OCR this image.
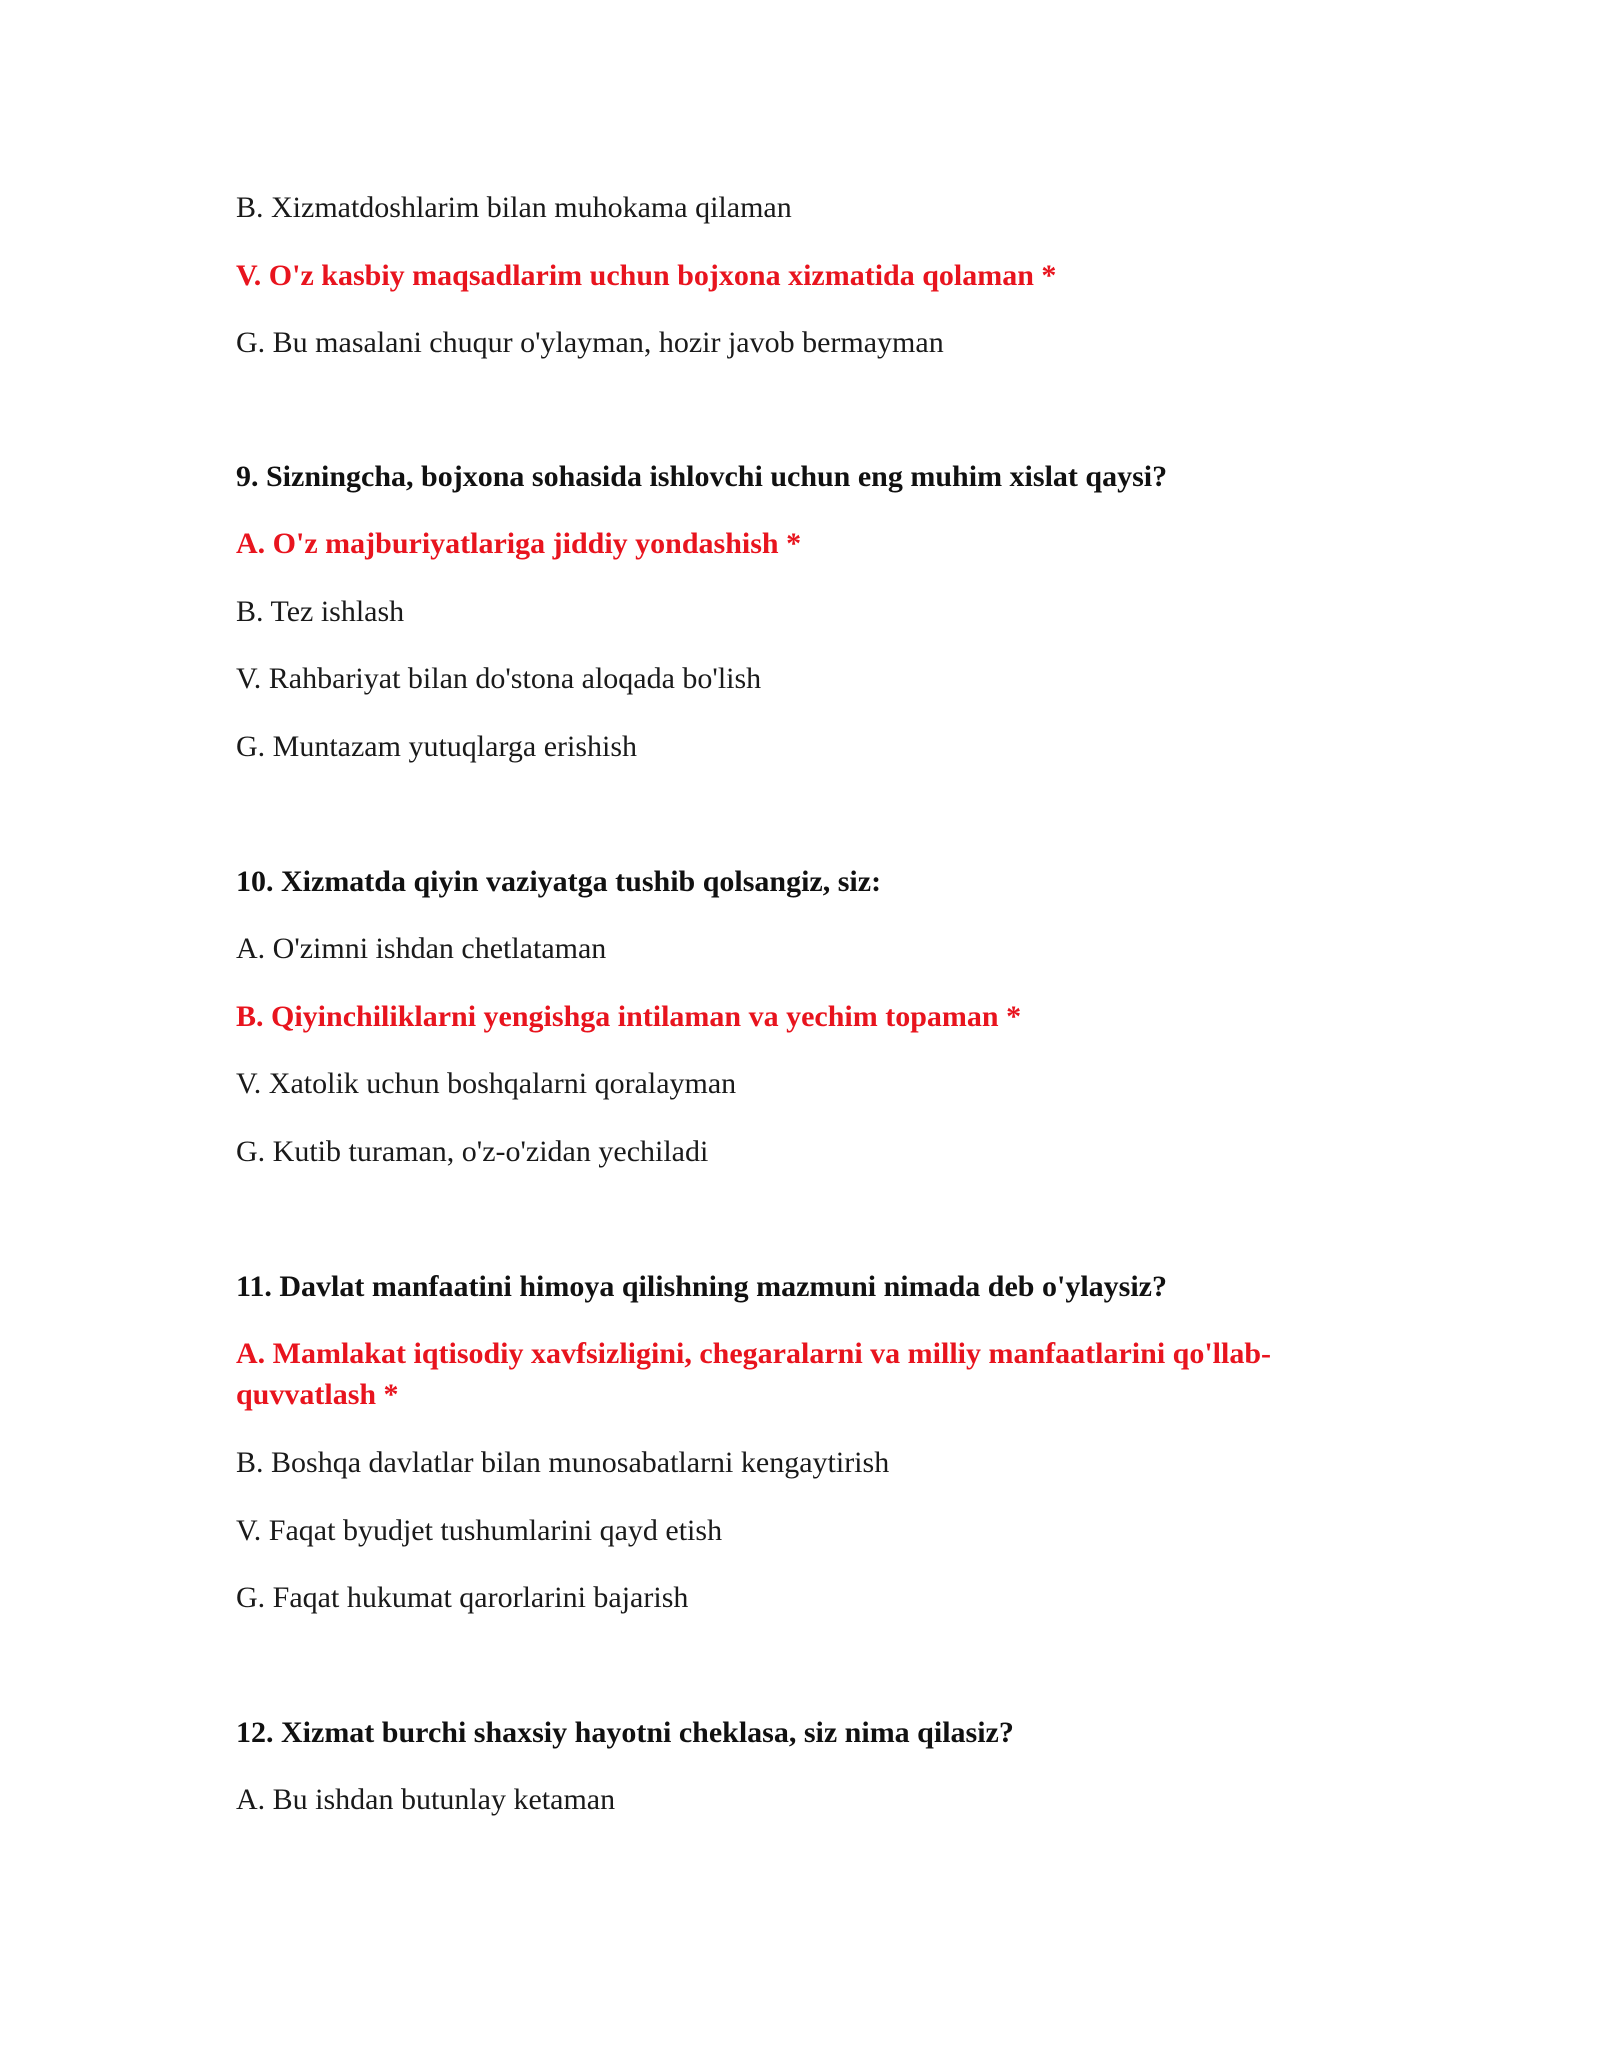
B. Xizmatdoshlarim bilan muhokama qilaman

V. O'z kasbiy maqsadlarim uchun bojxona xizmatida qolaman *

G. Bu masalani chuqur o'ylayman, hozir javob bermayman

9. Sizningcha, bojxona sohasida ishlovchi uchun eng muhim xislat qaysi?

A. O'z majburiyatlariga jiddiy yondashish *

B. Tez ishlash

V. Rahbariyat bilan do'stona aloqada bo'lish

G. Muntazam yutuqlarga erishish

10. Xizmatda qiyin vaziyatga tushib qolsangiz, siz:

A. O'zimni ishdan chetlataman

B. Qiyinchiliklarni yengishga intilaman va yechim topaman *

V. Xatolik uchun boshqalarni qoralayman

G. Kutib turaman, o'z-o'zidan yechiladi

11. Davlat manfaatini himoya qilishning mazmuni nimada deb o'ylaysiz?

A. Mamlakat iqtisodiy xavfsizligini, chegaralarni va milliy manfaatlarini qo'llab-quvvatlash *

B. Boshqa davlatlar bilan munosabatlarni kengaytirish

V. Faqat byudjet tushumlarini qayd etish

G. Faqat hukumat qarorlarini bajarish

12. Xizmat burchi shaxsiy hayotni cheklasa, siz nima qilasiz?

A. Bu ishdan butunlay ketaman
